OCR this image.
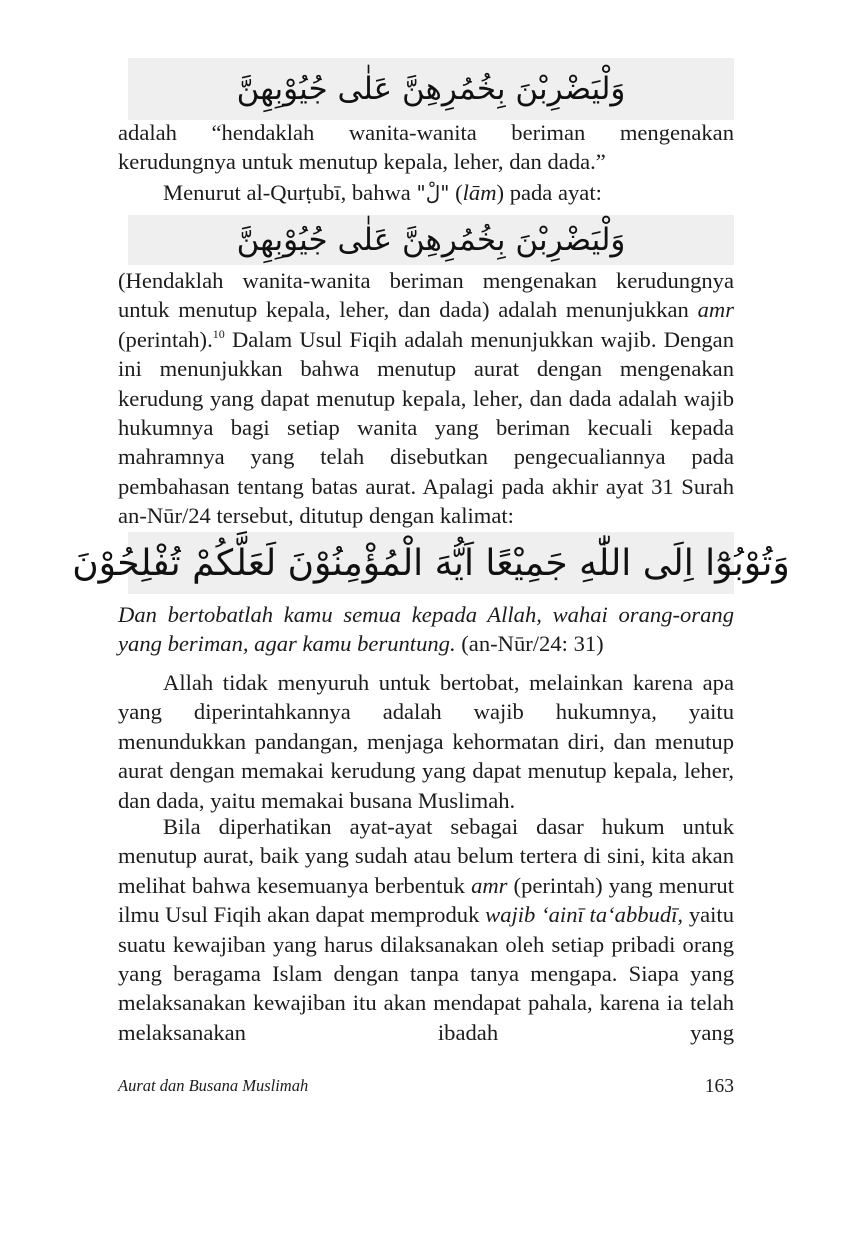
وَلْيَضْرِبْنَ بِخُمُرِهِنَّ عَلٰى جُيُوْبِهِنَّ

adalah “hendaklah wanita-wanita beriman mengenakan kerudungnya untuk menutup kepala, leher, dan dada.”

Menurut al-Qurṭubī, bahwa "لْ" (lām) pada ayat:

وَلْيَضْرِبْنَ بِخُمُرِهِنَّ عَلٰى جُيُوْبِهِنَّ

(Hendaklah wanita-wanita beriman mengenakan kerudungnya untuk menutup kepala, leher, dan dada) adalah menunjukkan amr (perintah).$^{10}$ Dalam Usul Fiqih adalah menunjukkan wajib. Dengan ini menunjukkan bahwa menutup aurat dengan mengenakan kerudung yang dapat menutup kepala, leher, dan dada adalah wajib hukumnya bagi setiap wanita yang beriman kecuali kepada mahramnya yang telah disebutkan pengecualiannya pada pembahasan tentang batas aurat. Apalagi pada akhir ayat 31 Surah an-Nūr/24 tersebut, ditutup dengan kalimat:

وَتُوْبُوْٓا اِلَى اللّٰهِ جَمِيْعًا اَيُّهَ الْمُؤْمِنُوْنَ لَعَلَّكُمْ تُفْلِحُوْنَ

Dan bertobatlah kamu semua kepada Allah, wahai orang-orang yang beriman, agar kamu beruntung. (an-Nūr/24: 31)

Allah tidak menyuruh untuk bertobat, melainkan karena apa yang diperintahkannya adalah wajib hukumnya, yaitu menundukkan pandangan, menjaga kehormatan diri, dan menutup aurat dengan memakai kerudung yang dapat menutup kepala, leher, dan dada, yaitu memakai busana Muslimah.

Bila diperhatikan ayat-ayat sebagai dasar hukum untuk menutup aurat, baik yang sudah atau belum tertera di sini, kita akan melihat bahwa kesemuanya berbentuk amr (perintah) yang menurut ilmu Usul Fiqih akan dapat memproduk wajib ‘ainī ta‘abbudī, yaitu suatu kewajiban yang harus dilaksanakan oleh setiap pribadi orang yang beragama Islam dengan tanpa tanya mengapa. Siapa yang melaksanakan kewajiban itu akan mendapat pahala, karena ia telah melaksanakan ibadah yang

Aurat dan Busana Muslimah	163
